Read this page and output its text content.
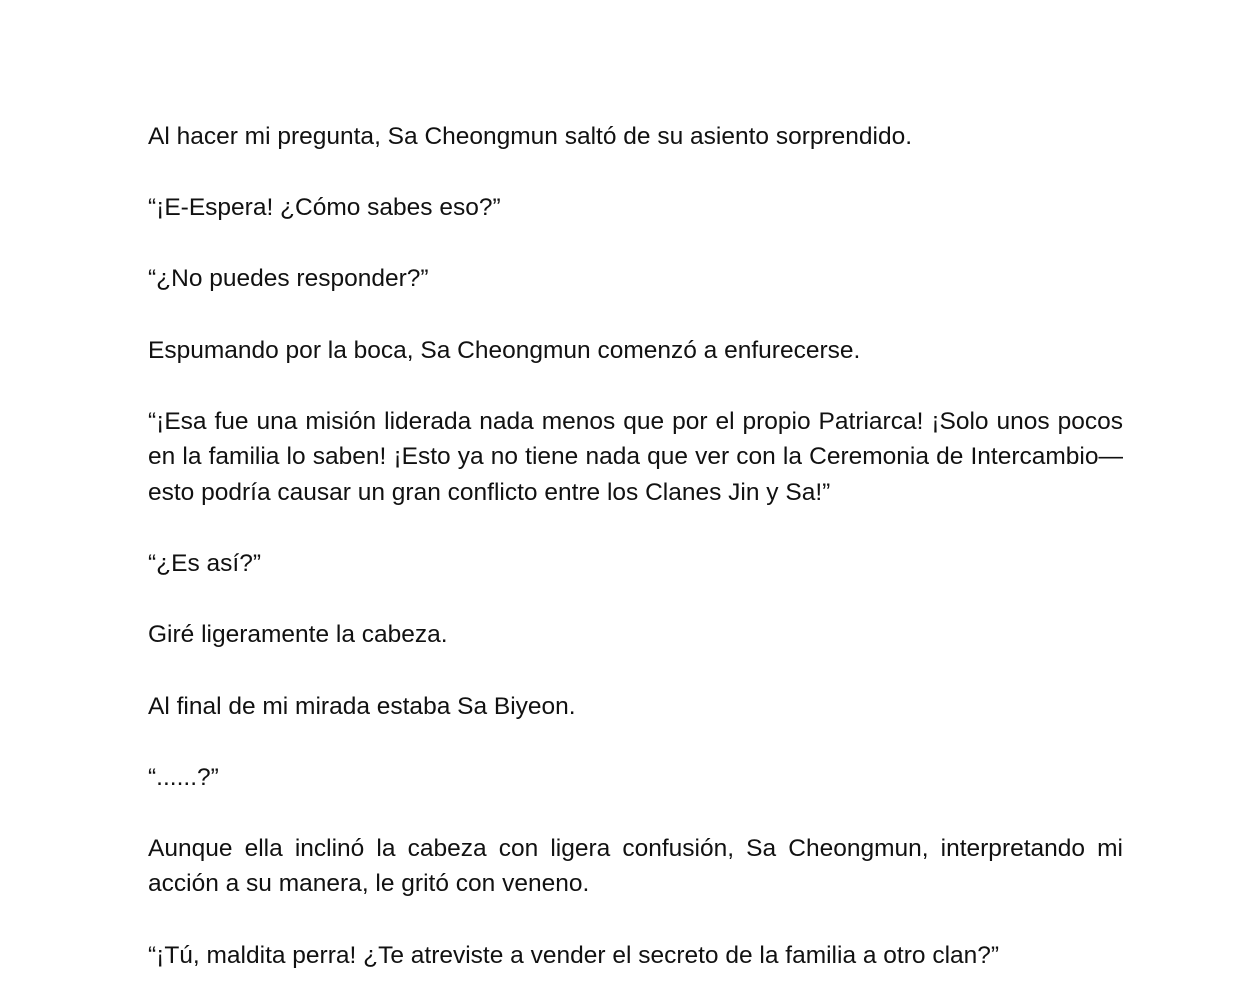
Al hacer mi pregunta, Sa Cheongmun saltó de su asiento sorprendido.

“¡E-Espera! ¿Cómo sabes eso?”

“¿No puedes responder?”

Espumando por la boca, Sa Cheongmun comenzó a enfurecerse.

“¡Esa fue una misión liderada nada menos que por el propio Patriarca! ¡Solo unos pocos en la familia lo saben! ¡Esto ya no tiene nada que ver con la Ceremonia de Intercambio—esto podría causar un gran conflicto entre los Clanes Jin y Sa!”

“¿Es así?”

Giré ligeramente la cabeza.

Al final de mi mirada estaba Sa Biyeon.

“......?”

Aunque ella inclinó la cabeza con ligera confusión, Sa Cheongmun, interpretando mi acción a su manera, le gritó con veneno.

“¡Tú, maldita perra! ¿Te atreviste a vender el secreto de la familia a otro clan?”
